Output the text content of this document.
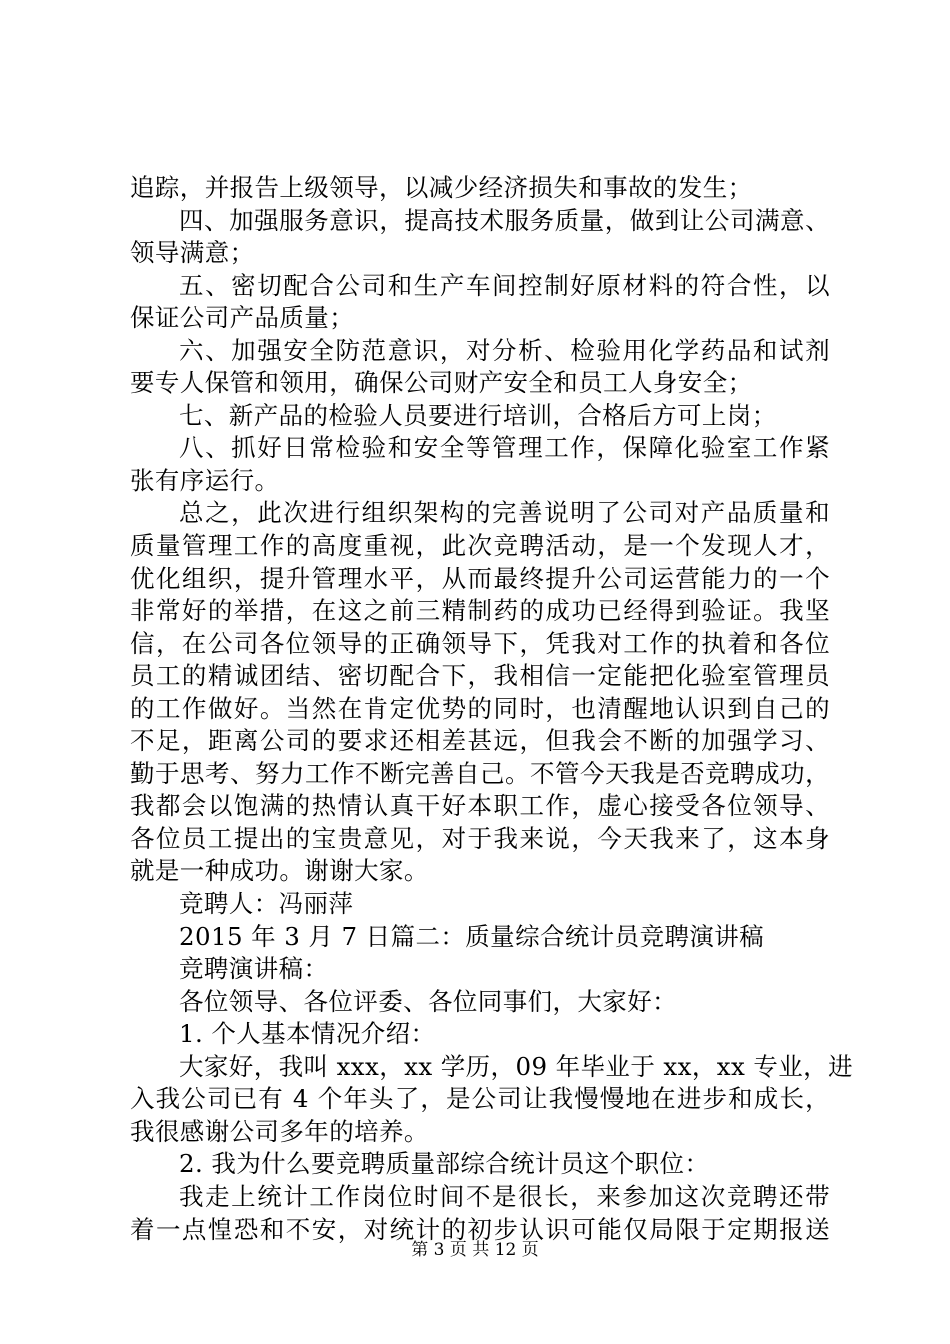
追踪，并报告上级领导，以减少经济损失和事故的发生；
四、加强服务意识，提高技术服务质量，做到让公司满意、
领导满意；
五、密切配合公司和生产车间控制好原材料的符合性，以
保证公司产品质量；
六、加强安全防范意识，对分析、检验用化学药品和试剂
要专人保管和领用，确保公司财产安全和员工人身安全；
七、新产品的检验人员要进行培训，合格后方可上岗；
八、抓好日常检验和安全等管理工作，保障化验室工作紧
张有序运行。
总之，此次进行组织架构的完善说明了公司对产品质量和
质量管理工作的高度重视，此次竞聘活动，是一个发现人才，
优化组织，提升管理水平，从而最终提升公司运营能力的一个
非常好的举措，在这之前三精制药的成功已经得到验证。我坚
信，在公司各位领导的正确领导下，凭我对工作的执着和各位
员工的精诚团结、密切配合下，我相信一定能把化验室管理员
的工作做好。当然在肯定优势的同时，也清醒地认识到自己的
不足，距离公司的要求还相差甚远，但我会不断的加强学习、
勤于思考、努力工作不断完善自己。不管今天我是否竞聘成功，
我都会以饱满的热情认真干好本职工作，虚心接受各位领导、
各位员工提出的宝贵意见，对于我来说，今天我来了，这本身
就是一种成功。谢谢大家。
竞聘人：冯丽萍
2015 年 3 月 7 日篇二：质量综合统计员竞聘演讲稿
竞聘演讲稿：
各位领导、各位评委、各位同事们，大家好：
1. 个人基本情况介绍：
大家好，我叫 xxx，xx 学历，09 年毕业于 xx，xx 专业，进
入我公司已有 4 个年头了，是公司让我慢慢地在进步和成长，
我很感谢公司多年的培养。
2. 我为什么要竞聘质量部综合统计员这个职位：
我走上统计工作岗位时间不是很长，来参加这次竞聘还带
着一点惶恐和不安，对统计的初步认识可能仅局限于定期报送
第 3 页 共 12 页
